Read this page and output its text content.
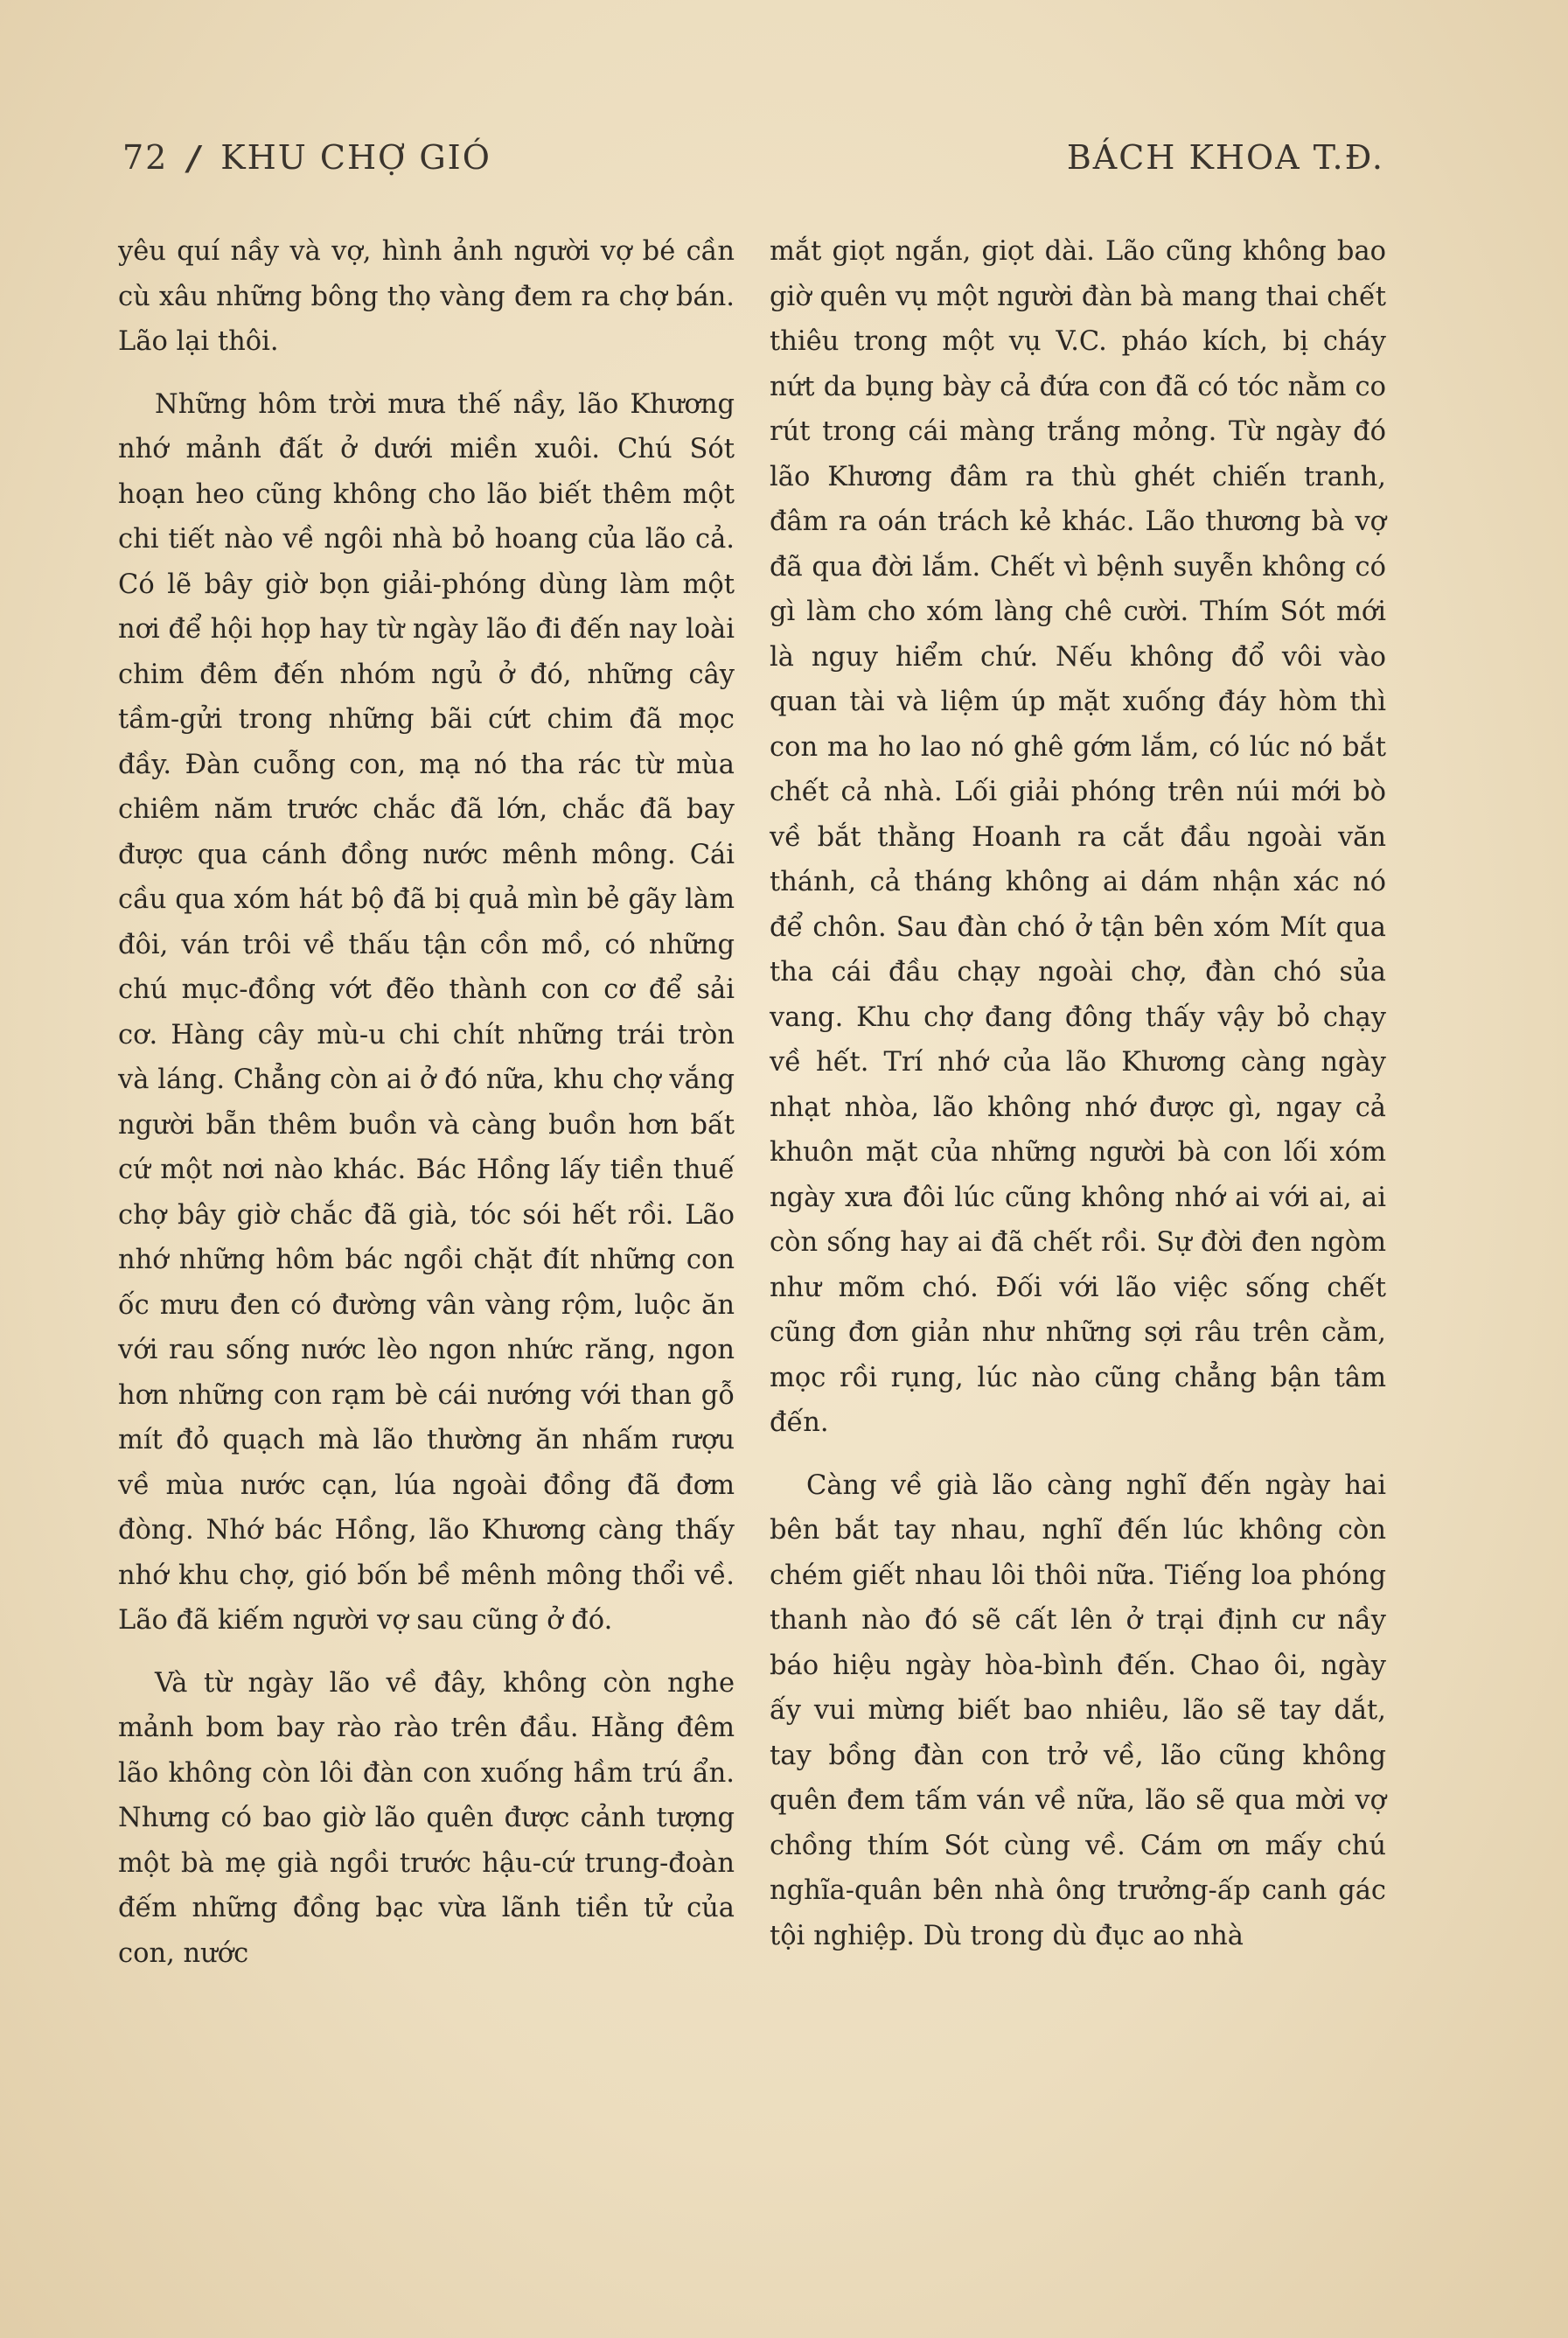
72 / KHU CHỢ GIÓ	BÁCH KHOA T.Đ.

yêu quí nầy và vợ, hình ảnh người vợ bé cần cù xâu những bông thọ vàng đem ra chợ bán. Lão lại thôi.

Những hôm trời mưa thế nầy, lão Khương nhớ mảnh đất ở dưới miền xuôi. Chú Sót hoạn heo cũng không cho lão biết thêm một chi tiết nào về ngôi nhà bỏ hoang của lão cả. Có lẽ bây giờ bọn giải-phóng dùng làm một nơi để hội họp hay từ ngày lão đi đến nay loài chim đêm đến nhóm ngủ ở đó, những cây tầm-gửi trong những bãi cứt chim đã mọc đầy. Đàn cuỗng con, mạ nó tha rác từ mùa chiêm năm trước chắc đã lớn, chắc đã bay được qua cánh đồng nước mênh mông. Cái cầu qua xóm hát bộ đã bị quả mìn bẻ gãy làm đôi, ván trôi về thấu tận cồn mồ, có những chú mục-đồng vớt đẽo thành con cơ để sải cơ. Hàng cây mù-u chi chít những trái tròn và láng. Chẳng còn ai ở đó nữa, khu chợ vắng người bẵn thêm buồn và càng buồn hơn bất cứ một nơi nào khác. Bác Hồng lấy tiền thuế chợ bây giờ chắc đã già, tóc sói hết rồi. Lão nhớ những hôm bác ngồi chặt đít những con ốc mưu đen có đường vân vàng rộm, luộc ăn với rau sống nước lèo ngon nhức răng, ngon hơn những con rạm bè cái nướng với than gỗ mít đỏ quạch mà lão thường ăn nhấm rượu về mùa nước cạn, lúa ngoài đồng đã đơm đòng. Nhớ bác Hồng, lão Khương càng thấy nhớ khu chợ, gió bốn bề mênh mông thổi về. Lão đã kiếm người vợ sau cũng ở đó.

Và từ ngày lão về đây, không còn nghe mảnh bom bay rào rào trên đầu. Hằng đêm lão không còn lôi đàn con xuống hầm trú ẩn. Nhưng có bao giờ lão quên được cảnh tượng một bà mẹ già ngồi trước hậu-cứ trung-đoàn đếm những đồng bạc vừa lãnh tiền tử của con, nước

mắt giọt ngắn, giọt dài. Lão cũng không bao giờ quên vụ một người đàn bà mang thai chết thiêu trong một vụ V.C. pháo kích, bị cháy nứt da bụng bày cả đứa con đã có tóc nằm co rút trong cái màng trắng mỏng. Từ ngày đó lão Khương đâm ra thù ghét chiến tranh, đâm ra oán trách kẻ khác. Lão thương bà vợ đã qua đời lắm. Chết vì bệnh suyễn không có gì làm cho xóm làng chê cười. Thím Sót mới là nguy hiểm chứ. Nếu không đổ vôi vào quan tài và liệm úp mặt xuống đáy hòm thì con ma ho lao nó ghê gớm lắm, có lúc nó bắt chết cả nhà. Lối giải phóng trên núi mới bò về bắt thằng Hoanh ra cắt đầu ngoài văn thánh, cả tháng không ai dám nhận xác nó để chôn. Sau đàn chó ở tận bên xóm Mít qua tha cái đầu chạy ngoài chợ, đàn chó sủa vang. Khu chợ đang đông thấy vậy bỏ chạy về hết. Trí nhớ của lão Khương càng ngày nhạt nhòa, lão không nhớ được gì, ngay cả khuôn mặt của những người bà con lối xóm ngày xưa đôi lúc cũng không nhớ ai với ai, ai còn sống hay ai đã chết rồi. Sự đời đen ngòm như mõm chó. Đối với lão việc sống chết cũng đơn giản như những sợi râu trên cằm, mọc rồi rụng, lúc nào cũng chẳng bận tâm đến.

Càng về già lão càng nghĩ đến ngày hai bên bắt tay nhau, nghĩ đến lúc không còn chém giết nhau lôi thôi nữa. Tiếng loa phóng thanh nào đó sẽ cất lên ở trại định cư nầy báo hiệu ngày hòa-bình đến. Chao ôi, ngày ấy vui mừng biết bao nhiêu, lão sẽ tay dắt, tay bồng đàn con trở về, lão cũng không quên đem tấm ván về nữa, lão sẽ qua mời vợ chồng thím Sót cùng về. Cám ơn mấy chú nghĩa-quân bên nhà ông trưởng-ấp canh gác tội nghiệp. Dù trong dù đục ao nhà
